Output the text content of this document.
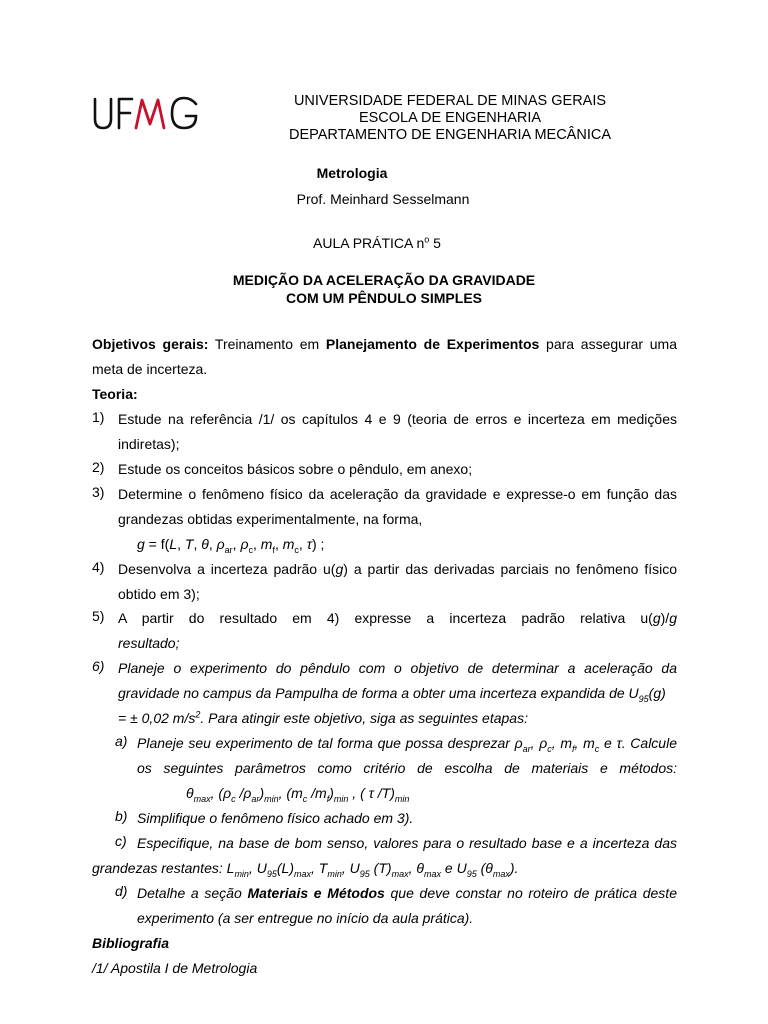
UNIVERSIDADE FEDERAL DE MINAS GERAIS
ESCOLA DE ENGENHARIA
DEPARTAMENTO DE ENGENHARIA MECÂNICA
Metrologia
Prof. Meinhard Sesselmann
AULA PRÁTICA $n^o$ 5
MEDIÇÃO DA ACELERAÇÃO DA GRAVIDADE
COM UM PÊNDULO SIMPLES
Objetivos gerais: Treinamento em Planejamento de Experimentos para assegurar uma
meta de incerteza.
Teoria:
1) Estude na referência /1/ os capítulos 4 e 9 (teoria de erros e incerteza em medições
indiretas);
2) Estude os conceitos básicos sobre o pêndulo, em anexo;
3) Determine o fenômeno físico da aceleração da gravidade e expresse-o em função das
grandezas obtidas experimentalmente, na forma,
g = f(L, T, θ, $\rho_{ar}$, $\rho_c$, $m_f$, $m_c$, τ) ;
4) Desenvolva a incerteza padrão u(g) a partir das derivadas parciais no fenômeno físico
obtido em 3);
5) A partir do resultado em 4) expresse a incerteza padrão relativa u(g)/g
resultado;
6) Planeje o experimento do pêndulo com o objetivo de determinar a aceleração da
gravidade no campus da Pampulha de forma a obter uma incerteza expandida de $U_{95}(g)$
= ± 0,02 $m/s^2$. Para atingir este objetivo, siga as seguintes etapas:
a) Planeje seu experimento de tal forma que possa desprezar $\rho_{ar}$, $\rho_c$, $m_f$, $m_c$ e τ. Calcule
os seguintes parâmetros como critério de escolha de materiais e métodos:
$\theta_{max}$, ($\rho_c$ $/\rho_{ar})_{min}$, ($m_c$ $/m_f)_{min}$ , ( τ $/T)_{min}$
b) Simplifique o fenômeno físico achado em 3).
c) Especifique, na base de bom senso, valores para o resultado base e a incerteza das
grandezas restantes: $L_{min}$, $U_{95}(L)_{max}$, $T_{min}$, $U_{95}$ $(T)_{max}$, $\theta_{max}$ e $U_{95}$ $(\theta_{max})$.
d) Detalhe a seção Materiais e Métodos que deve constar no roteiro de prática deste
experimento (a ser entregue no início da aula prática).
Bibliografia
/1/ Apostila I de Metrologia
